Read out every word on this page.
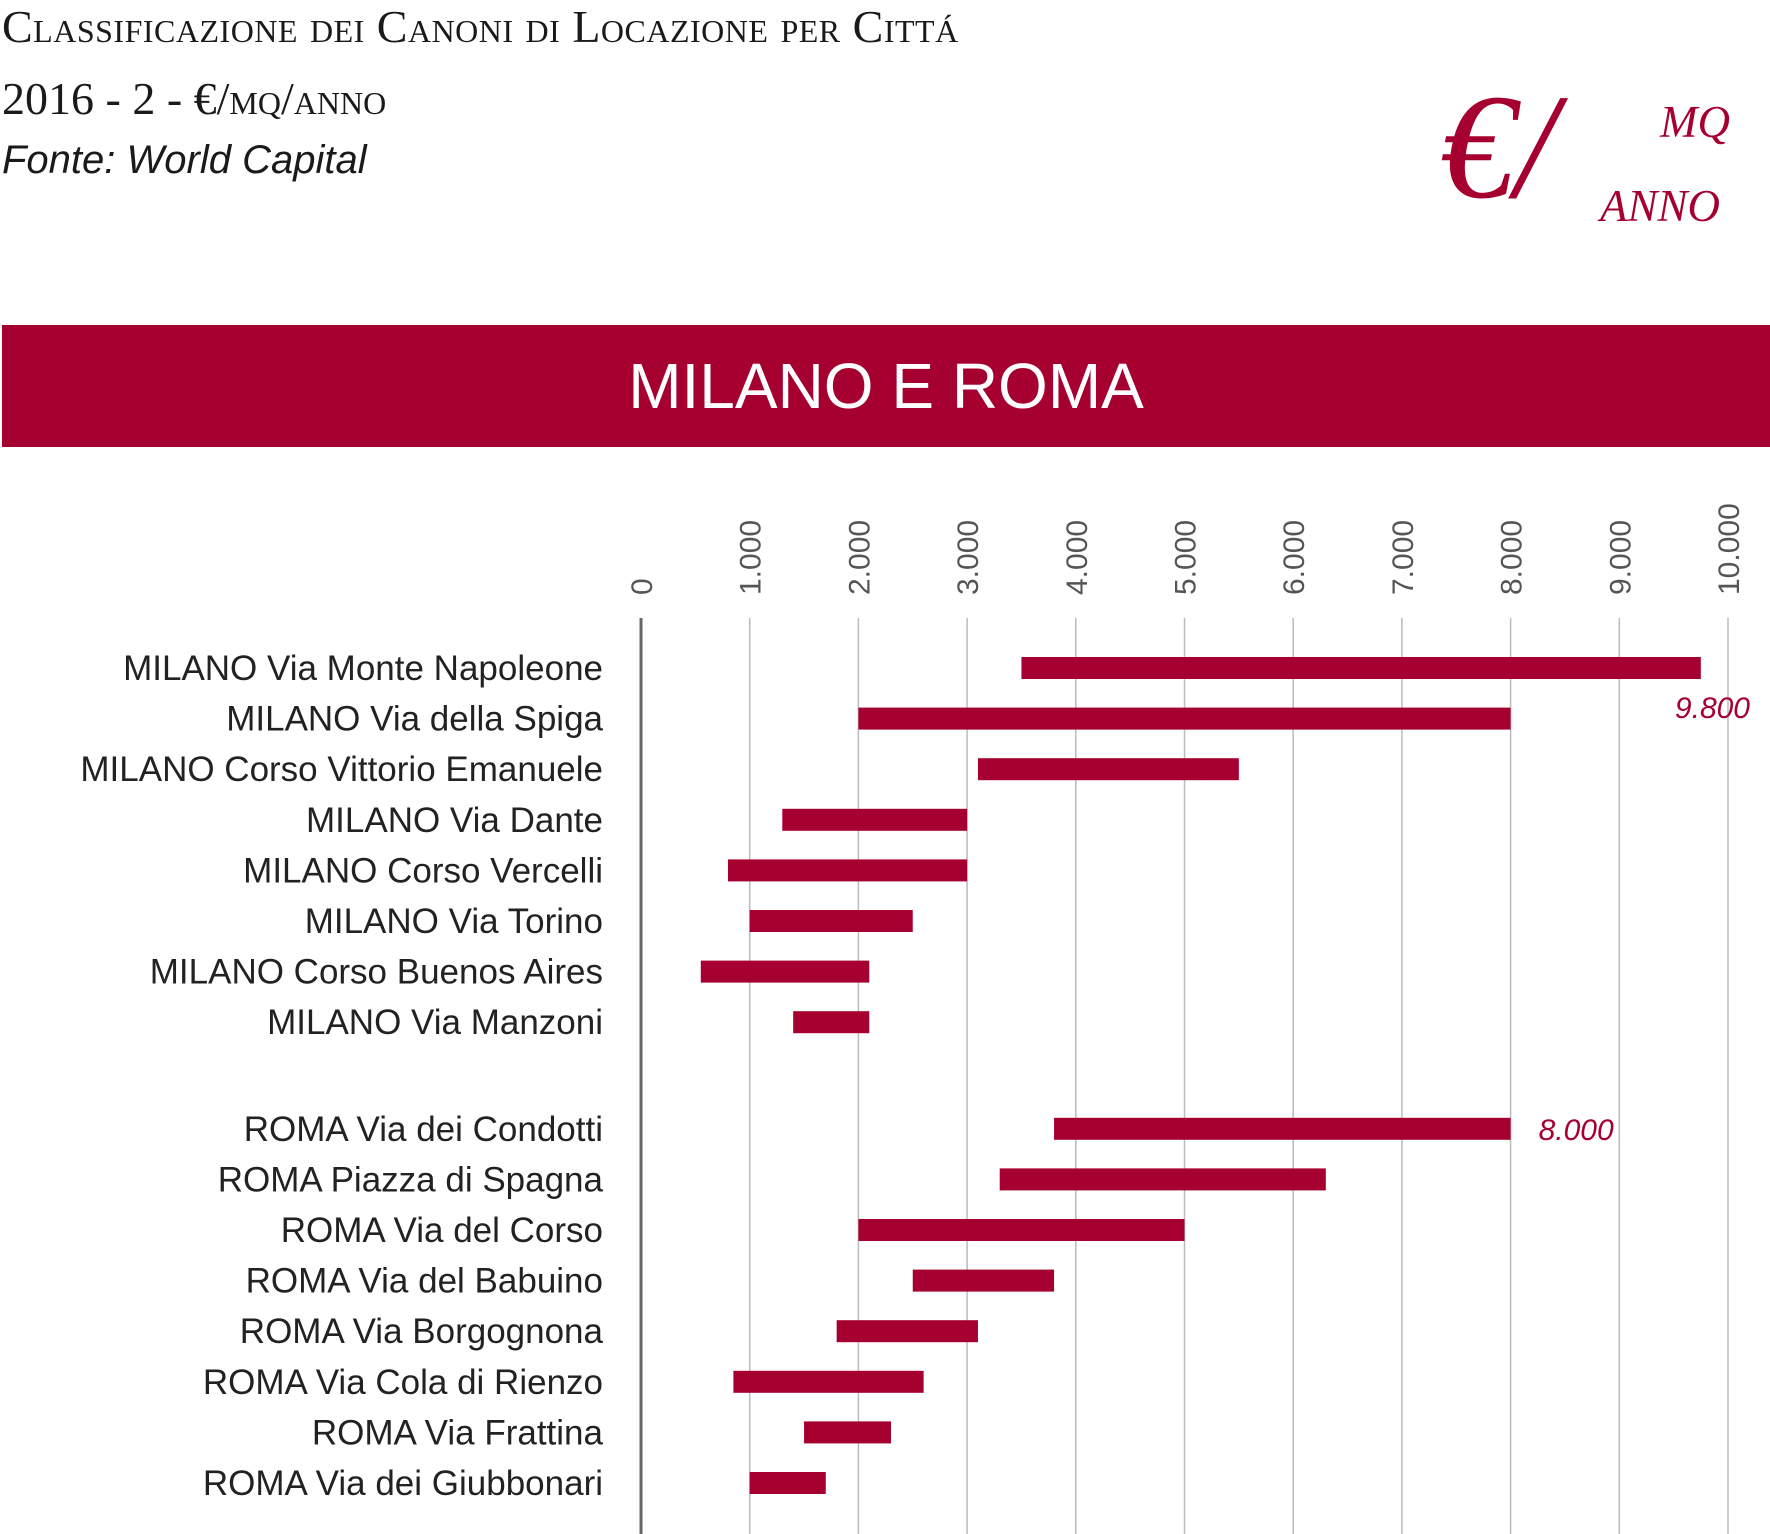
Classificazione dei Canoni di Locazione per Cittá
2016 - 2 - €/mq/anno
Fonte: World Capital	€/ mq
anno
MILANO E ROMA
0	1.000	2.000	3.000	4.000	5.000	6.000	7.000	8.000	9.000	10.000
MILANO Via Monte Napoleone
MILANO Via della Spiga
MILANO Corso Vittorio Emanuele
MILANO Via Dante
MILANO Corso Vercelli
MILANO Via Torino
MILANO Corso Buenos Aires
MILANO Via Manzoni
ROMA Via dei Condotti
ROMA Piazza di Spagna
ROMA Via del Corso
ROMA Via del Babuino
ROMA Via Borgognona
ROMA Via Cola di Rienzo
ROMA Via Frattina
ROMA Via dei Giubbonari
9.800
8.000
